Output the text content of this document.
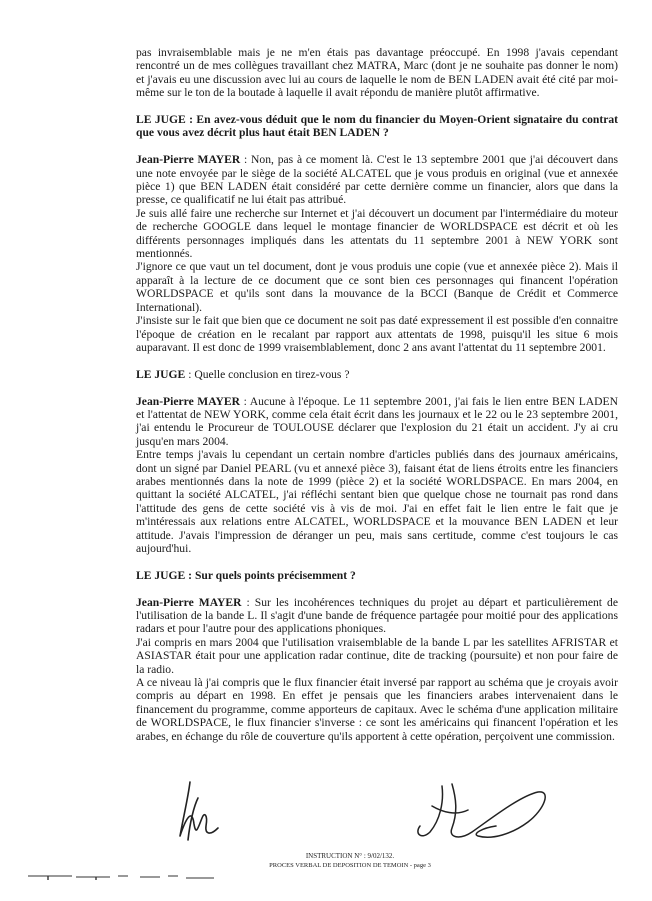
pas invraisemblable mais je ne m'en étais pas davantage préoccupé. En 1998 j'avais cependant rencontré un de mes collègues travaillant chez MATRA, Marc (dont je ne souhaite pas donner le nom) et j'avais eu une discussion avec lui au cours de laquelle le nom de BEN LADEN avait été cité par moi-même sur le ton de la boutade à laquelle il avait répondu de manière plutôt affirmative.

LE JUGE : En avez-vous déduit que le nom du financier du Moyen-Orient signataire du contrat que vous avez décrit plus haut était BEN LADEN ?

Jean-Pierre MAYER : Non, pas à ce moment là. C'est le 13 septembre 2001 que j'ai découvert dans une note envoyée par le siège de la société ALCATEL que je vous produis en original (vue et annexée pièce 1) que BEN LADEN était considéré par cette dernière comme un financier, alors que dans la presse, ce qualificatif ne lui était pas attribué.

Je suis allé faire une recherche sur Internet et j'ai découvert un document par l'intermédiaire du moteur de recherche GOOGLE dans lequel le montage financier de WORLDSPACE est décrit et où les différents personnages impliqués dans les attentats du 11 septembre 2001 à NEW YORK sont mentionnés.

J'ignore ce que vaut un tel document, dont je vous produis une copie (vue et annexée pièce 2). Mais il apparaît à la lecture de ce document que ce sont bien ces personnages qui financent l'opération WORLDSPACE et qu'ils sont dans la mouvance de la BCCI (Banque de Crédit et Commerce International).

J'insiste sur le fait que bien que ce document ne soit pas daté expressement il est possible d'en connaitre l'époque de création en le recalant par rapport aux attentats de 1998, puisqu'il les situe 6 mois auparavant. Il est donc de 1999 vraisemblablement, donc 2 ans avant l'attentat du 11 septembre 2001.

LE JUGE : Quelle conclusion en tirez-vous ?

Jean-Pierre MAYER : Aucune à l'époque. Le 11 septembre 2001, j'ai fais le lien entre BEN LADEN et l'attentat de NEW YORK, comme cela était écrit dans les journaux et le 22 ou le 23 septembre 2001, j'ai entendu le Procureur de TOULOUSE déclarer que l'explosion du 21 était un accident. J'y ai cru jusqu'en mars 2004.

Entre temps j'avais lu cependant un certain nombre d'articles publiés dans des journaux américains, dont un signé par Daniel PEARL (vu et annexé pièce 3), faisant état de liens étroits entre les financiers arabes mentionnés dans la note de 1999 (pièce 2) et la société WORLDSPACE. En mars 2004, en quittant la société ALCATEL, j'ai réfléchi sentant bien que quelque chose ne tournait pas rond dans l'attitude des gens de cette société vis à vis de moi. J'ai en effet fait le lien entre le fait que je m'intéressais aux relations entre ALCATEL, WORLDSPACE et la mouvance BEN LADEN et leur attitude. J'avais l'impression de déranger un peu, mais sans certitude, comme c'est toujours le cas aujourd'hui.

LE JUGE : Sur quels points précisemment ?

Jean-Pierre MAYER : Sur les incohérences techniques du projet au départ et particulièrement de l'utilisation de la bande L. Il s'agit d'une bande de fréquence partagée pour moitié pour des applications radars et pour l'autre pour des applications phoniques.

J'ai compris en mars 2004 que l'utilisation vraisemblable de la bande L par les satellites AFRISTAR et ASIASTAR était pour une application radar continue, dite de tracking (poursuite) et non pour faire de la radio.

A ce niveau là j'ai compris que le flux financier était inversé par rapport au schéma que je croyais avoir compris au départ en 1998. En effet je pensais que les financiers arabes intervenaient dans le financement du programme, comme apporteurs de capitaux. Avec le schéma d'une application militaire de WORLDSPACE, le flux financier s'inverse : ce sont les américains qui financent l'opération et les arabes, en échange du rôle de couverture qu'ils apportent à cette opération, perçoivent une commission.

INSTRUCTION N° : 9/02/132.
PROCES VERBAL DE DEPOSITION DE TEMOIN - page 3
